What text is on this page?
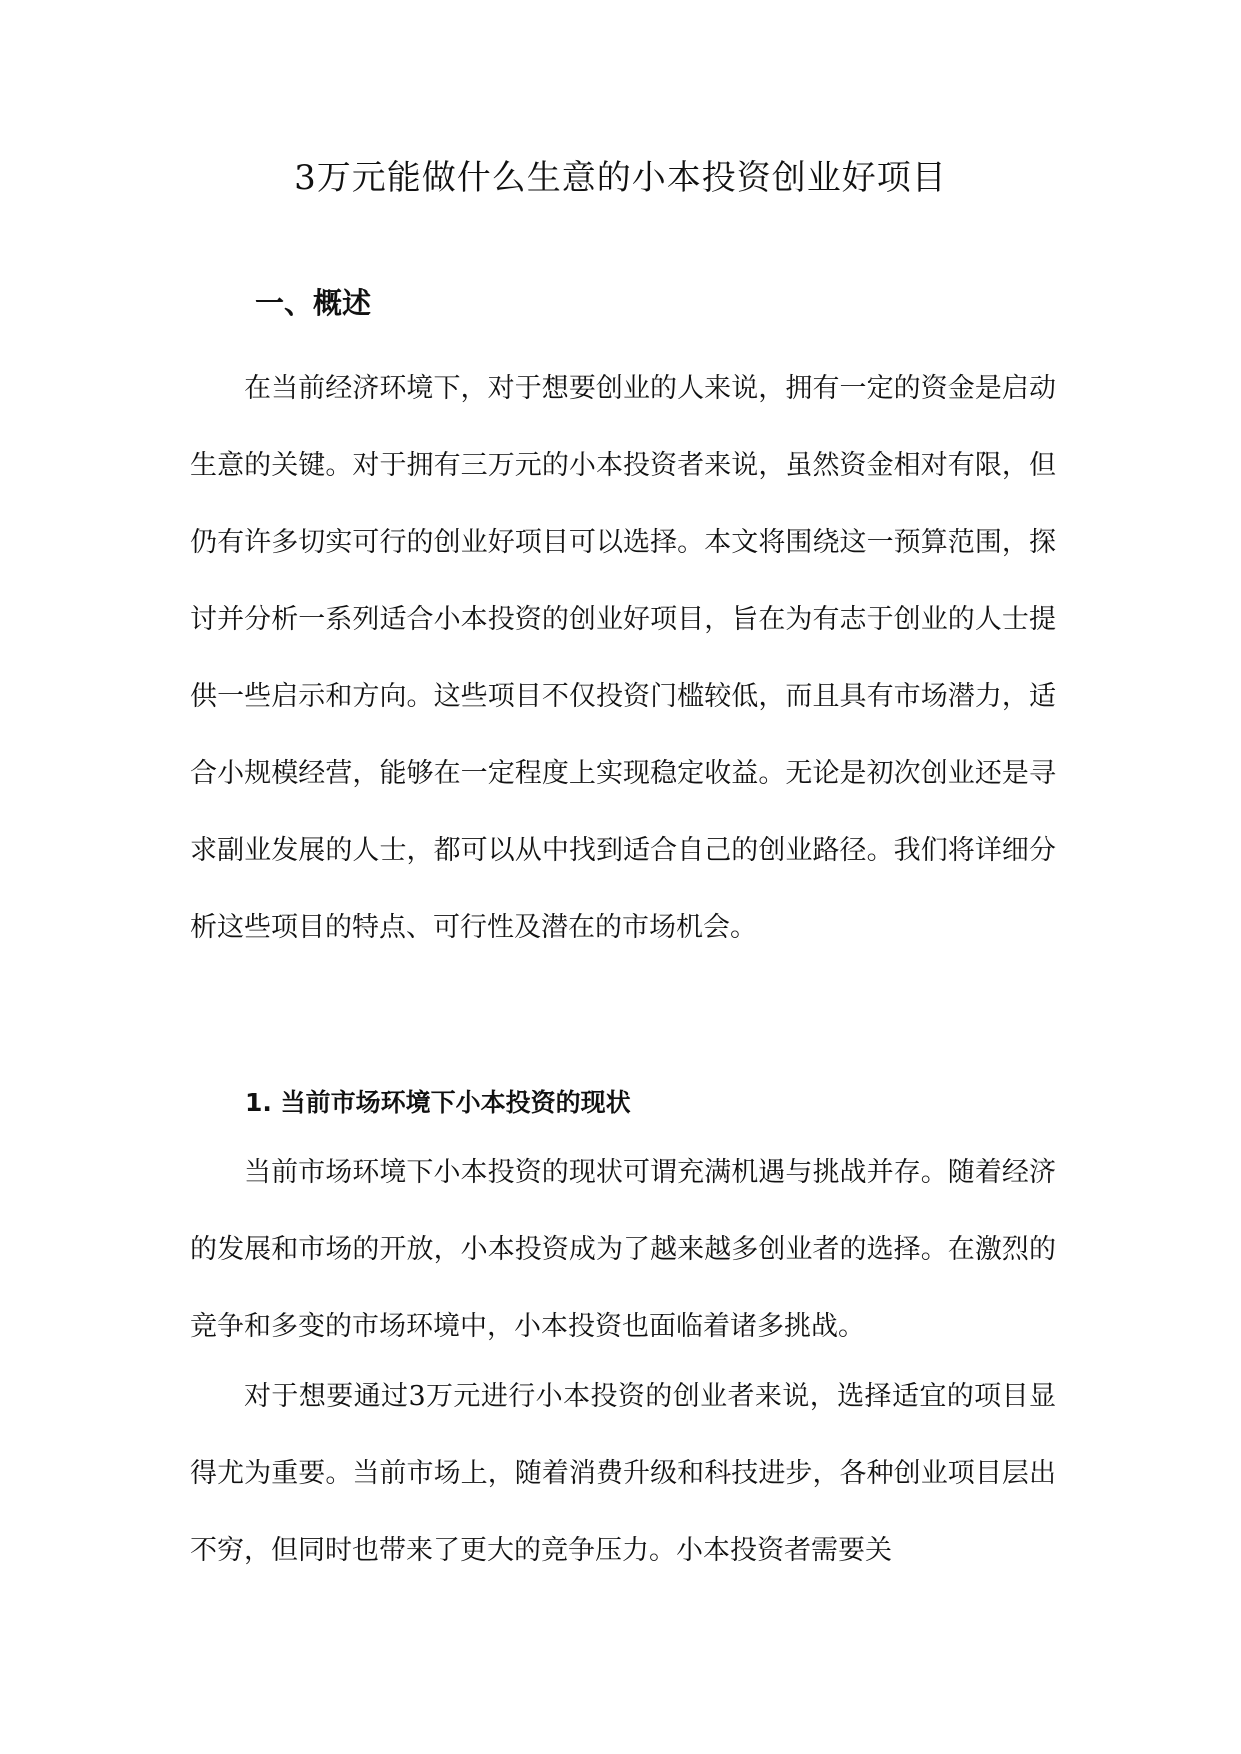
3万元能做什么生意的小本投资创业好项目
一、概述

在当前经济环境下，对于想要创业的人来说，拥有一定的资金是启动生意的关键。对于拥有三万元的小本投资者来说，虽然资金相对有限，但仍有许多切实可行的创业好项目可以选择。本文将围绕这一预算范围，探讨并分析一系列适合小本投资的创业好项目，旨在为有志于创业的人士提供一些启示和方向。这些项目不仅投资门槛较低，而且具有市场潜力，适合小规模经营，能够在一定程度上实现稳定收益。无论是初次创业还是寻求副业发展的人士，都可以从中找到适合自己的创业路径。我们将详细分析这些项目的特点、可行性及潜在的市场机会。

1. 当前市场环境下小本投资的现状

当前市场环境下小本投资的现状可谓充满机遇与挑战并存。随着经济的发展和市场的开放，小本投资成为了越来越多创业者的选择。在激烈的竞争和多变的市场环境中，小本投资也面临着诸多挑战。

对于想要通过3万元进行小本投资的创业者来说，选择适宜的项目显得尤为重要。当前市场上，随着消费升级和科技进步，各种创业项目层出不穷，但同时也带来了更大的竞争压力。小本投资者需要关
